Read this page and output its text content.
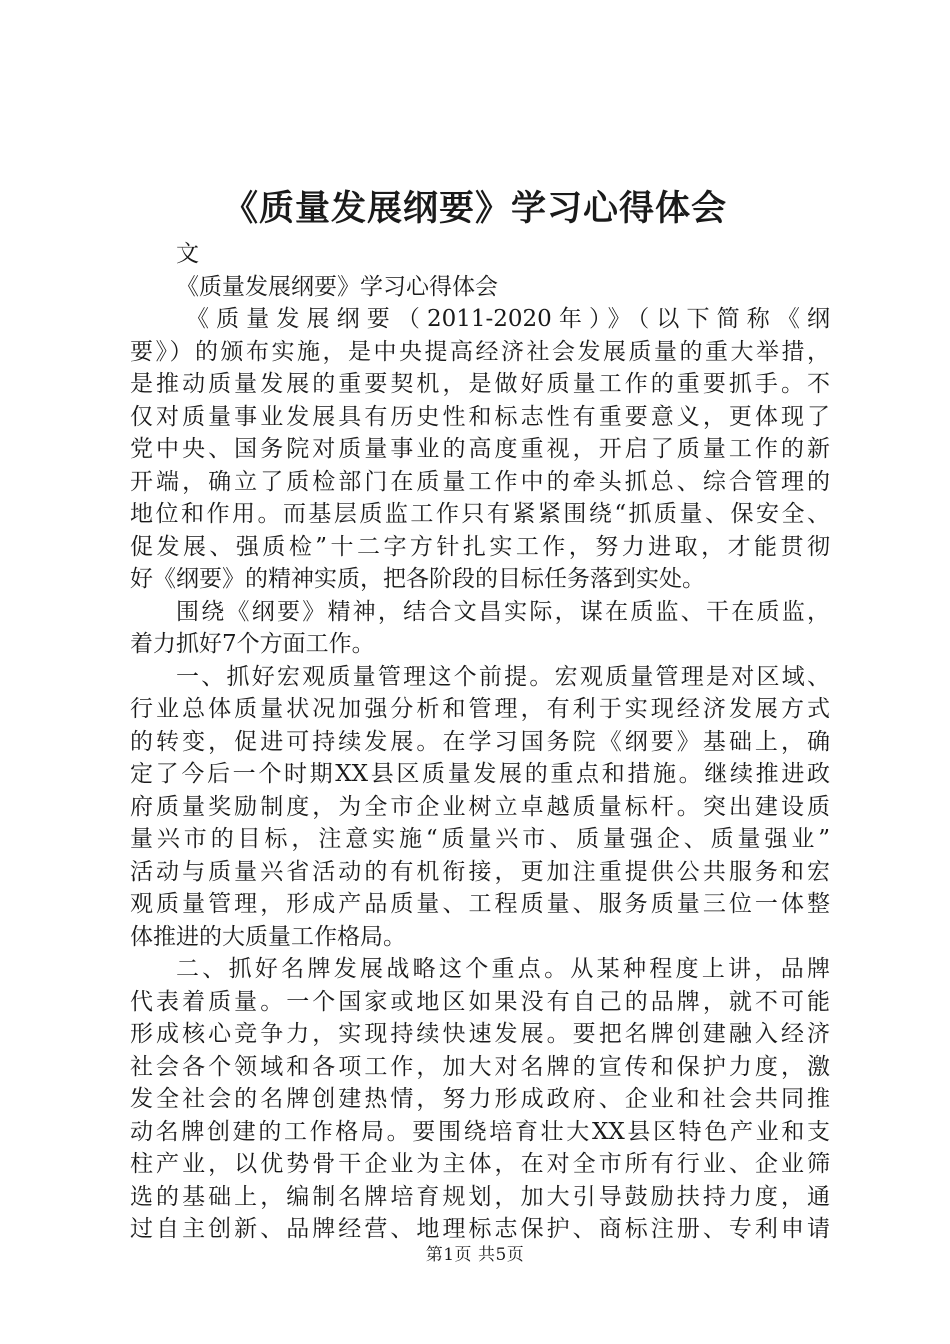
《质量发展纲要》学习心得体会
文
《质量发展纲要》学习心得体会
《质量发展纲要（2011-2020年）》（以下简称《纲
要》）的颁布实施，是中央提高经济社会发展质量的重大举措，
是推动质量发展的重要契机，是做好质量工作的重要抓手。不
仅对质量事业发展具有历史性和标志性有重要意义，更体现了
党中央、国务院对质量事业的高度重视，开启了质量工作的新
开端，确立了质检部门在质量工作中的牵头抓总、综合管理的
地位和作用。而基层质监工作只有紧紧围绕“抓质量、保安全、
促发展、强质检”十二字方针扎实工作，努力进取，才能贯彻
好《纲要》的精神实质，把各阶段的目标任务落到实处。
围绕《纲要》精神，结合文昌实际，谋在质监、干在质监，
着力抓好7个方面工作。
一、抓好宏观质量管理这个前提。宏观质量管理是对区域、
行业总体质量状况加强分析和管理，有利于实现经济发展方式
的转变，促进可持续发展。在学习国务院《纲要》基础上，确
定了今后一个时期XX县区质量发展的重点和措施。继续推进政
府质量奖励制度，为全市企业树立卓越质量标杆。突出建设质
量兴市的目标，注意实施“质量兴市、质量强企、质量强业”
活动与质量兴省活动的有机衔接，更加注重提供公共服务和宏
观质量管理，形成产品质量、工程质量、服务质量三位一体整
体推进的大质量工作格局。
二、抓好名牌发展战略这个重点。从某种程度上讲，品牌
代表着质量。一个国家或地区如果没有自己的品牌，就不可能
形成核心竞争力，实现持续快速发展。要把名牌创建融入经济
社会各个领域和各项工作，加大对名牌的宣传和保护力度，激
发全社会的名牌创建热情，努力形成政府、企业和社会共同推
动名牌创建的工作格局。要围绕培育壮大XX县区特色产业和支
柱产业，以优势骨干企业为主体，在对全市所有行业、企业筛
选的基础上，编制名牌培育规划，加大引导鼓励扶持力度，通
过自主创新、品牌经营、地理标志保护、商标注册、专利申请
第1页 共5页
